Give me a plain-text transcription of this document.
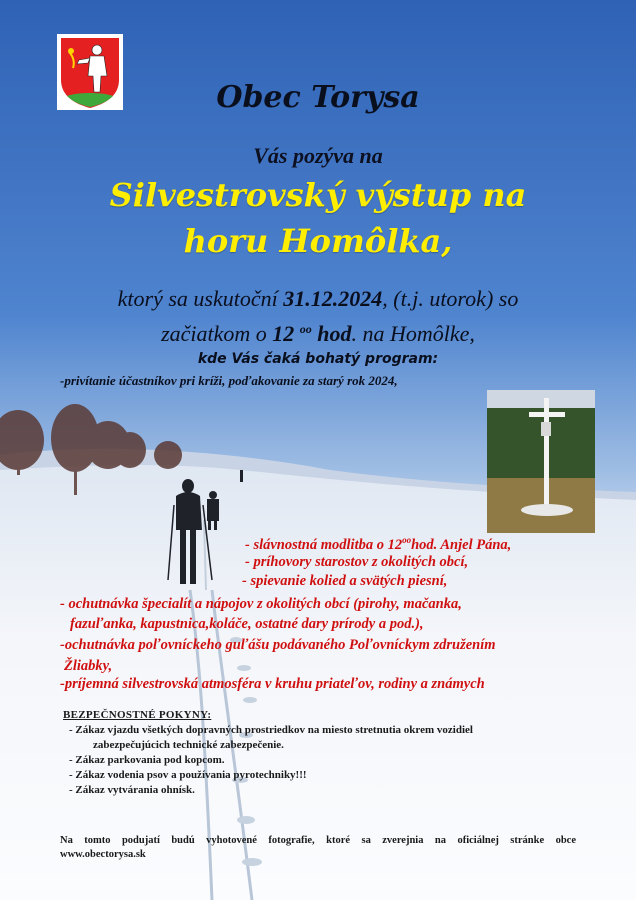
Obec Torysa

Vás pozýva na

Silvestrovský výstup na
horu Homôlka,
ktorý sa uskutoční 31.12.2024, (t.j. utorok) so
začiatkom o 12 $^{oo}$ hod. na Homôlke,

kde Vás čaká bohatý program:

-privítanie účastníkov pri kríži, poďakovanie za starý rok 2024,

- slávnostná modlitba o $12^{oo}hod$. Anjel Pána,

- príhovory starostov z okolitých obcí,

- spievanie kolied a svätých piesní,

- ochutnávka špecialít a nápojov z okolitých obcí (pirohy, mačanka,

fazuľanka, kapustnica,koláče, ostatné dary prírody a pod.),

-ochutnávka poľovníckeho guľášu podávaného Poľovníckym združením

Žliabky,

-príjemná silvestrovská atmosféra v kruhu priateľov, rodiny a známych

BEZPEČNOSTNÉ POKYNY:
- Zákaz vjazdu všetkých dopravných prostriedkov na miesto stretnutia okrem vozidiel
zabezpečujúcich technické zabezpečenie.
- Zákaz parkovania pod kopcom.
- Zákaz vodenia psov a používania pyrotechniky!!!
- Zákaz vytvárania ohnísk.
Na tomto podujatí budú vyhotovené fotografie, ktoré sa zverejnia na oficiálnej stránke obce
www.obectorysa.sk
